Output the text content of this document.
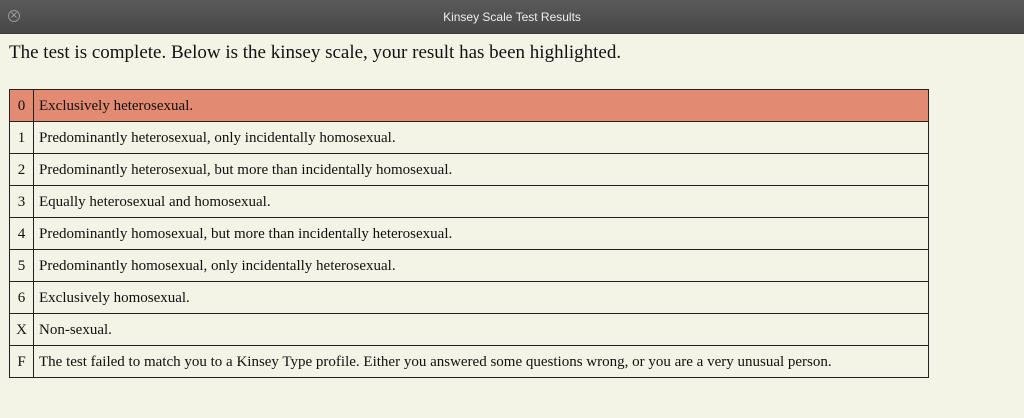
×	Kinsey Scale Test Results
The test is complete. Below is the kinsey scale, your result has been highlighted.
0	Exclusively heterosexual.
1	Predominantly heterosexual, only incidentally homosexual.
2	Predominantly heterosexual, but more than incidentally homosexual.
3	Equally heterosexual and homosexual.
4	Predominantly homosexual, but more than incidentally heterosexual.
5	Predominantly homosexual, only incidentally heterosexual.
6	Exclusively homosexual.
X	Non-sexual.
F	The test failed to match you to a Kinsey Type profile. Either you answered some questions wrong, or you are a very unusual person.
